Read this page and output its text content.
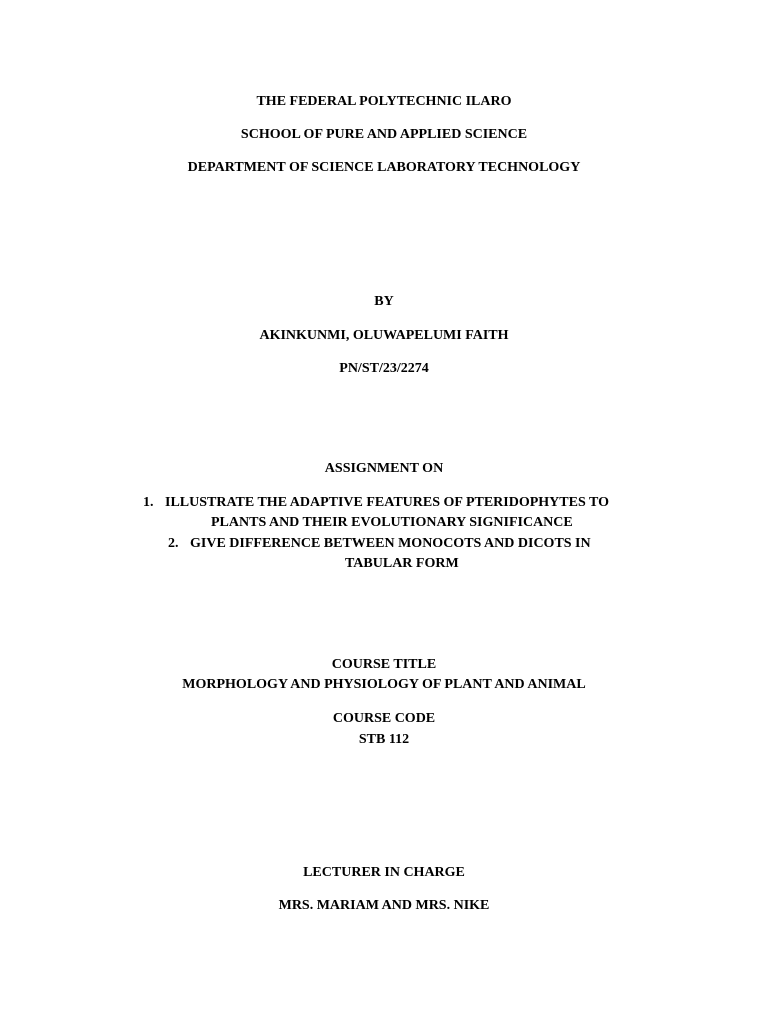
THE FEDERAL POLYTECHNIC ILARO
SCHOOL OF PURE AND APPLIED SCIENCE
DEPARTMENT OF SCIENCE LABORATORY TECHNOLOGY
BY
AKINKUNMI, OLUWAPELUMI FAITH
PN/ST/23/2274
ASSIGNMENT ON
1. ILLUSTRATE THE ADAPTIVE FEATURES OF PTERIDOPHYTES TO
PLANTS AND THEIR EVOLUTIONARY SIGNIFICANCE
2. GIVE DIFFERENCE BETWEEN MONOCOTS AND DICOTS IN
TABULAR FORM
COURSE TITLE
MORPHOLOGY AND PHYSIOLOGY OF PLANT AND ANIMAL
COURSE CODE
STB 112
LECTURER IN CHARGE
MRS. MARIAM AND MRS. NIKE
